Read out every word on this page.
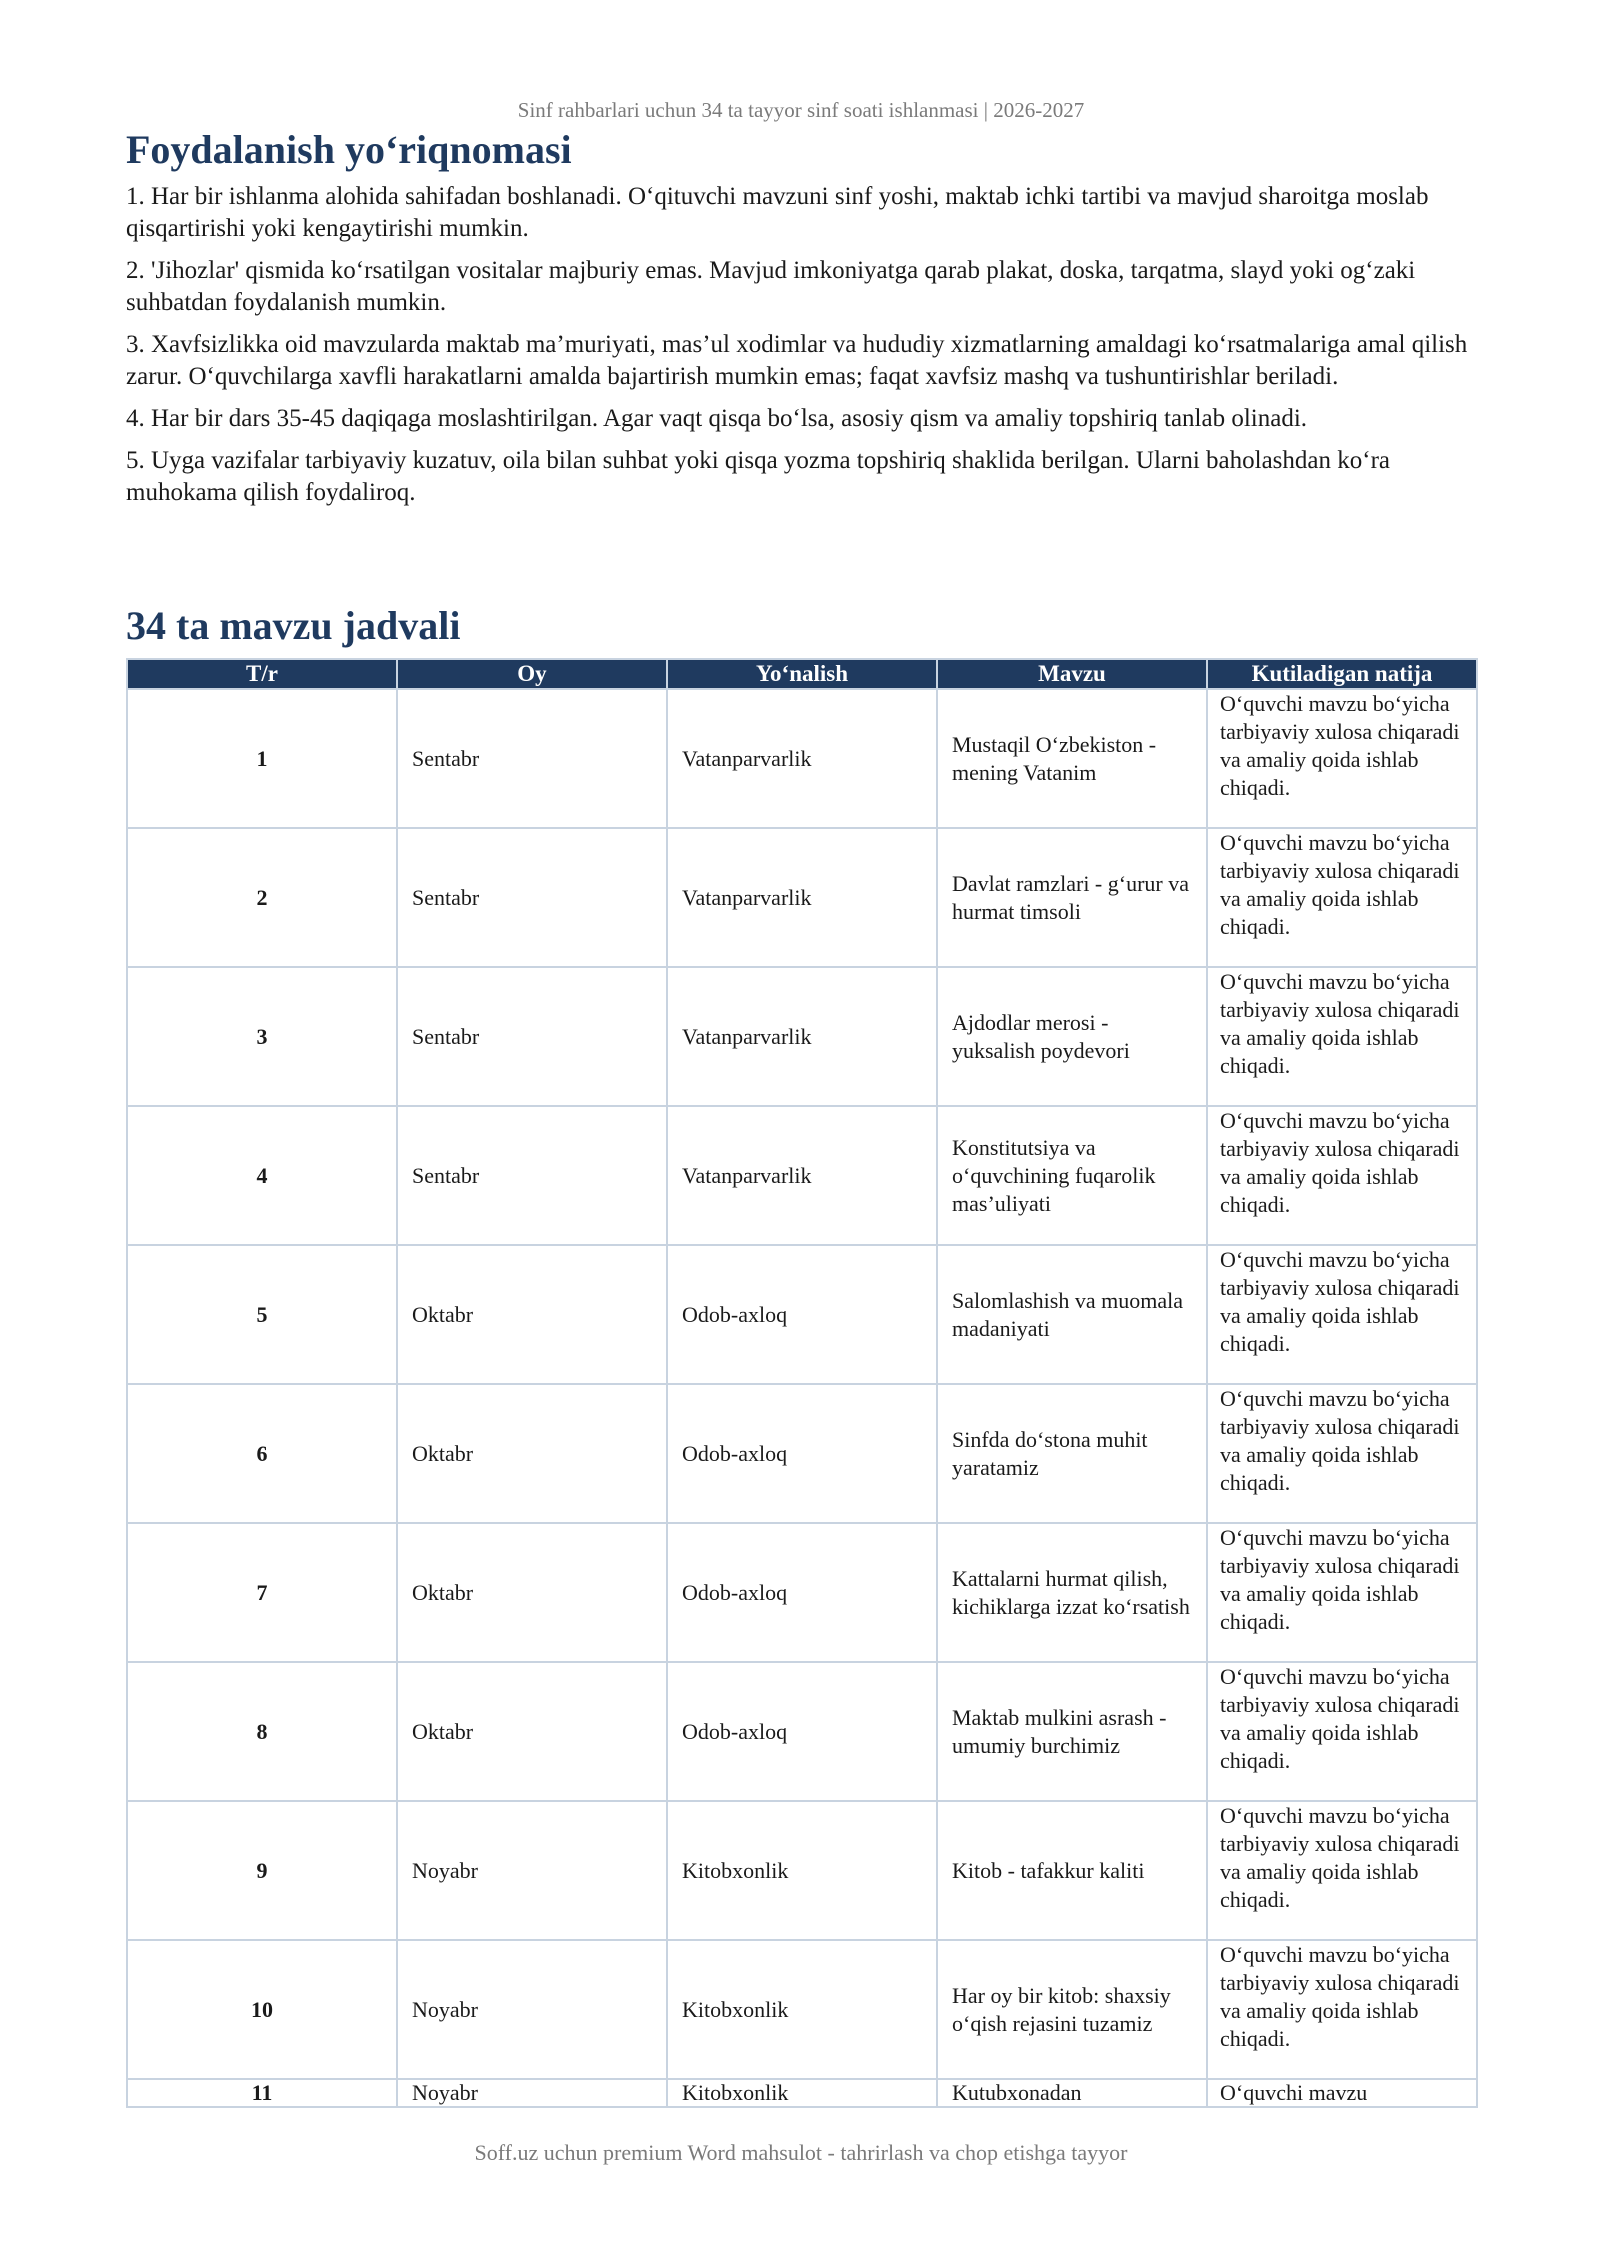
Sinf rahbarlari uchun 34 ta tayyor sinf soati ishlanmasi | 2026-2027
Foydalanish yo‘riqnomasi

1. Har bir ishlanma alohida sahifadan boshlanadi. O‘qituvchi mavzuni sinf yoshi, maktab ichki tartibi va mavjud sharoitga moslab qisqartirishi yoki kengaytirishi mumkin.

2. 'Jihozlar' qismida ko‘rsatilgan vositalar majburiy emas. Mavjud imkoniyatga qarab plakat, doska, tarqatma, slayd yoki og‘zaki suhbatdan foydalanish mumkin.

3. Xavfsizlikka oid mavzularda maktab ma’muriyati, mas’ul xodimlar va hududiy xizmatlarning amaldagi ko‘rsatmalariga amal qilish zarur. O‘quvchilarga xavfli harakatlarni amalda bajartirish mumkin emas; faqat xavfsiz mashq va tushuntirishlar beriladi.

4. Har bir dars 35-45 daqiqaga moslashtirilgan. Agar vaqt qisqa bo‘lsa, asosiy qism va amaliy topshiriq tanlab olinadi.

5. Uyga vazifalar tarbiyaviy kuzatuv, oila bilan suhbat yoki qisqa yozma topshiriq shaklida berilgan. Ularni baholashdan ko‘ra muhokama qilish foydaliroq.

34 ta mavzu jadvali
T/r	Oy	Yo‘nalish	Mavzu	Kutiladigan natija
1	Sentabr	Vatanparvarlik	Mustaqil O‘zbekiston - mening Vatanim	O‘quvchi mavzu bo‘yicha tarbiyaviy xulosa chiqaradi va amaliy qoida ishlab chiqadi.
2	Sentabr	Vatanparvarlik	Davlat ramzlari - g‘urur va hurmat timsoli	O‘quvchi mavzu bo‘yicha tarbiyaviy xulosa chiqaradi va amaliy qoida ishlab chiqadi.
3	Sentabr	Vatanparvarlik	Ajdodlar merosi - yuksalish poydevori	O‘quvchi mavzu bo‘yicha tarbiyaviy xulosa chiqaradi va amaliy qoida ishlab chiqadi.
4	Sentabr	Vatanparvarlik	Konstitutsiya va o‘quvchining fuqarolik mas’uliyati	O‘quvchi mavzu bo‘yicha tarbiyaviy xulosa chiqaradi va amaliy qoida ishlab chiqadi.
5	Oktabr	Odob-axloq	Salomlashish va muomala madaniyati	O‘quvchi mavzu bo‘yicha tarbiyaviy xulosa chiqaradi va amaliy qoida ishlab chiqadi.
6	Oktabr	Odob-axloq	Sinfda do‘stona muhit yaratamiz	O‘quvchi mavzu bo‘yicha tarbiyaviy xulosa chiqaradi va amaliy qoida ishlab chiqadi.
7	Oktabr	Odob-axloq	Kattalarni hurmat qilish, kichiklarga izzat ko‘rsatish	O‘quvchi mavzu bo‘yicha tarbiyaviy xulosa chiqaradi va amaliy qoida ishlab chiqadi.
8	Oktabr	Odob-axloq	Maktab mulkini asrash - umumiy burchimiz	O‘quvchi mavzu bo‘yicha tarbiyaviy xulosa chiqaradi va amaliy qoida ishlab chiqadi.
9	Noyabr	Kitobxonlik	Kitob - tafakkur kaliti	O‘quvchi mavzu bo‘yicha tarbiyaviy xulosa chiqaradi va amaliy qoida ishlab chiqadi.
10	Noyabr	Kitobxonlik	Har oy bir kitob: shaxsiy o‘qish rejasini tuzamiz	O‘quvchi mavzu bo‘yicha tarbiyaviy xulosa chiqaradi va amaliy qoida ishlab chiqadi.
11	Noyabr	Kitobxonlik	Kutubxonadan	O‘quvchi mavzu
Soff.uz uchun premium Word mahsulot - tahrirlash va chop etishga tayyor
